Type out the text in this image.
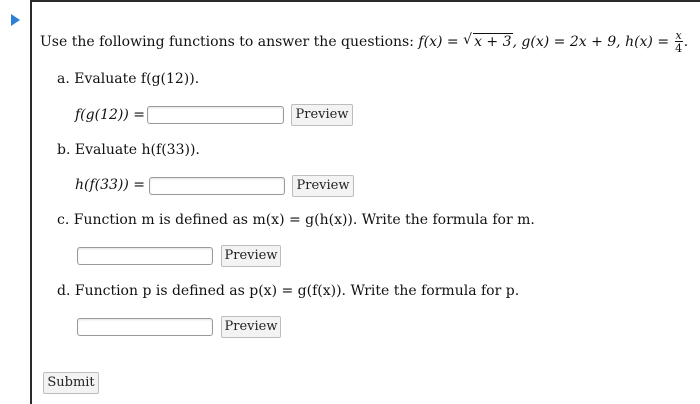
Use the following functions to answer the questions: f(x) = √ x + 3, g(x) = 2x + 9, $h(x) = \frac{x}{4}$ .
a. Evaluate f(g(12)).
f(g(12)) =	Preview
b. Evaluate h(f(33)).
h(f(33)) =	Preview
c. Function m is defined as m(x) = g(h(x)). Write the formula for m.
Preview
d. Function p is defined as p(x) = g(f(x)). Write the formula for p.
Preview
Submit
